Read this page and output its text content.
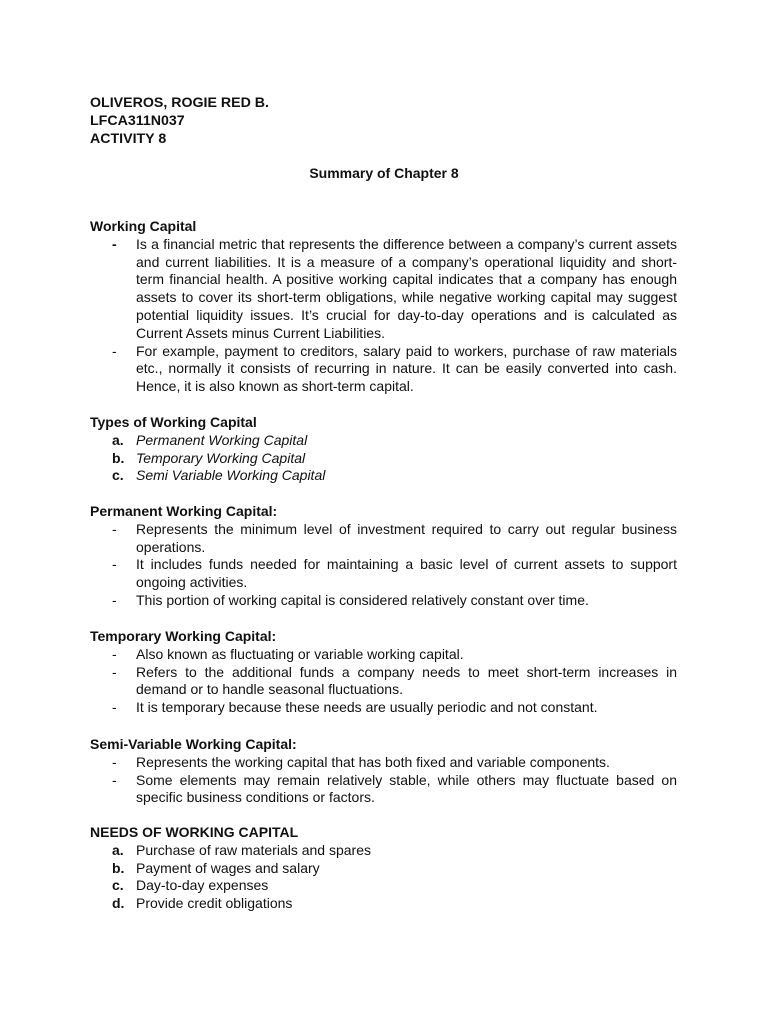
OLIVEROS, ROGIE RED B.
LFCA311N037
ACTIVITY 8
Summary of Chapter 8
Working Capital
- Is a financial metric that represents the difference between a company’s current assets and current liabilities. It is a measure of a company’s operational liquidity and short-term financial health. A positive working capital indicates that a company has enough assets to cover its short-term obligations, while negative working capital may suggest potential liquidity issues. It’s crucial for day-to-day operations and is calculated as Current Assets minus Current Liabilities.
- For example, payment to creditors, salary paid to workers, purchase of raw materials etc., normally it consists of recurring in nature. It can be easily converted into cash. Hence, it is also known as short-term capital.
Types of Working Capital
a. Permanent Working Capital
b. Temporary Working Capital
c. Semi Variable Working Capital
Permanent Working Capital:
- Represents the minimum level of investment required to carry out regular business operations.
- It includes funds needed for maintaining a basic level of current assets to support ongoing activities.
- This portion of working capital is considered relatively constant over time.
Temporary Working Capital:
- Also known as fluctuating or variable working capital.
- Refers to the additional funds a company needs to meet short-term increases in demand or to handle seasonal fluctuations.
- It is temporary because these needs are usually periodic and not constant.
Semi-Variable Working Capital:
- Represents the working capital that has both fixed and variable components.
- Some elements may remain relatively stable, while others may fluctuate based on specific business conditions or factors.
NEEDS OF WORKING CAPITAL
a. Purchase of raw materials and spares
b. Payment of wages and salary
c. Day-to-day expenses
d. Provide credit obligations
